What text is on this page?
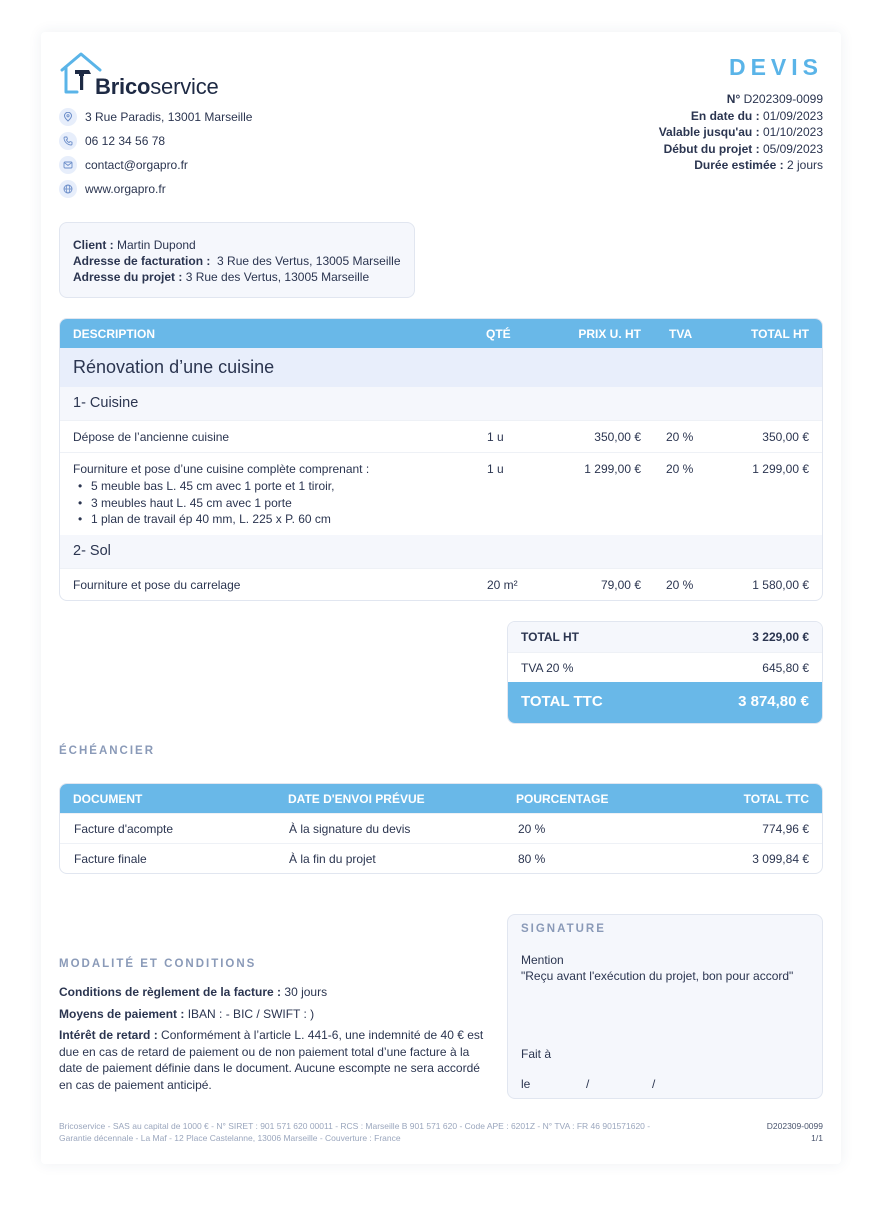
Bricoservice
3 Rue Paradis, 13001 Marseille
06 12 34 56 78
contact@orgapro.fr
www.orgapro.fr
DEVIS
N° D202309-0099
En date du : 01/09/2023
Valable jusqu'au : 01/10/2023
Début du projet : 05/09/2023
Durée estimée : 2 jours
Client : Martin Dupond
Adresse de facturation : 3 Rue des Vertus, 13005 Marseille
Adresse du projet : 3 Rue des Vertus, 13005 Marseille
DESCRIPTION	QTÉ	PRIX U. HT TVA	TOTAL HT
Rénovation d’une cuisine
1- Cuisine
Dépose de l’ancienne cuisine	1 u	350,00 € 20 %	350,00 €
Fourniture et pose d’une cuisine complète comprenant :	1 u	1 299,00 € 20 %	1 299,00 €
• 5 meuble bas L. 45 cm avec 1 porte et 1 tiroir,
• 3 meubles haut L. 45 cm avec 1 porte
• 1 plan de travail ép 40 mm, L. 225 x P. 60 cm
2- Sol
Fourniture et pose du carrelage	20 m²	79,00 € 20 %	1 580,00 €
TOTAL HT	3 229,00 €
TVA 20 %	645,80 €
TOTAL TTC	3 874,80 €
ÉCHÉANCIER
DOCUMENT	DATE D'ENVOI PRÉVUE	POURCENTAGE	TOTAL TTC
Facture d'acompte	À la signature du devis	20 %	774,96 €
Facture finale	À la fin du projet	80 %	3 099,84 €
MODALITÉ ET CONDITIONS

Conditions de règlement de la facture : 30 jours

Moyens de paiement : IBAN : - BIC / SWIFT : )

Intérêt de retard : Conformément à l’article L. 441-6, une indemnité de 40 € est due en cas de retard de paiement ou de non paiement total d’une facture à la date de paiement définie dans le document. Aucune escompte ne sera accordé en cas de paiement anticipé.

SIGNATURE
Mention
"Reçu avant l'exécution du projet, bon pour accord"
Fait à
le	/	/
Bricoservice - SAS au capital de 1000 € - N° SIRET : 901 571 620 00011 - RCS : Marseille B 901 571 620 - Code APE : 6201Z - N° TVA : FR 46 901571620 -
Garantie décennale - La Maf - 12 Place Castelanne, 13006 Marseille - Couverture : France
D202309-0099
1/1
